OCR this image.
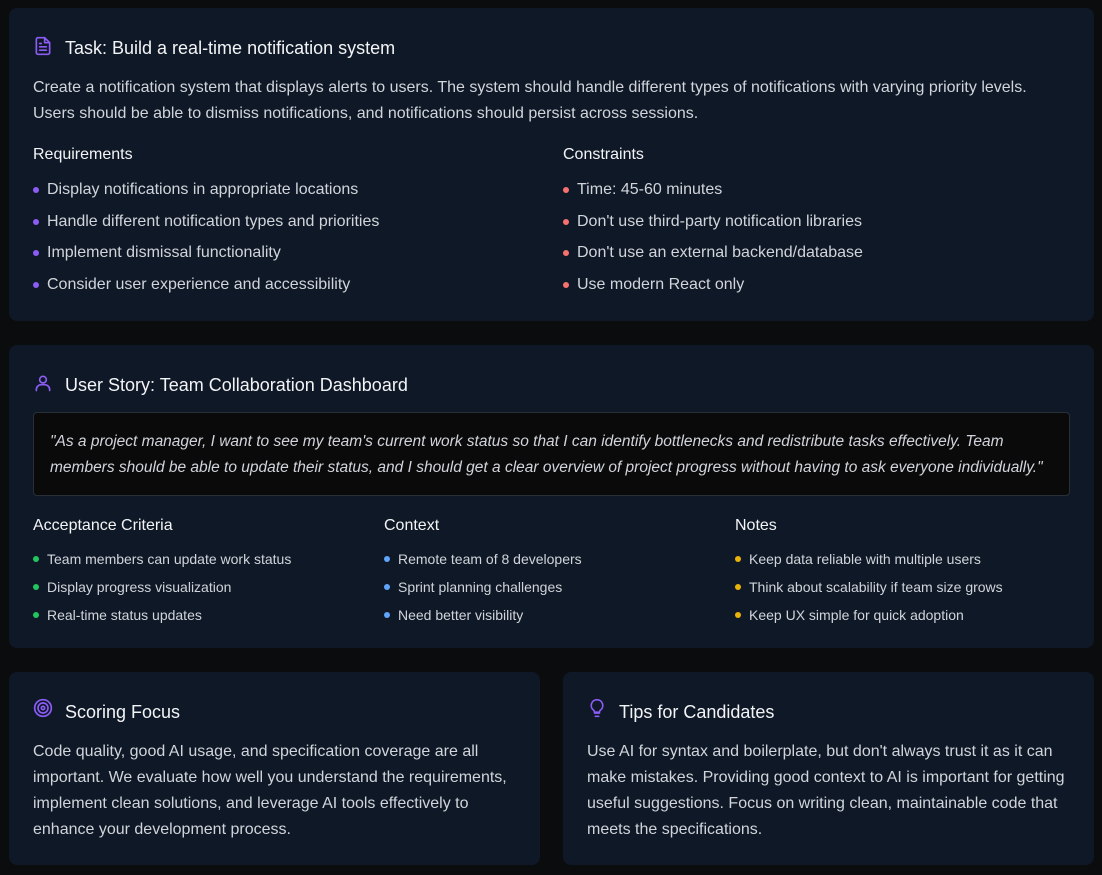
Task: Build a real-time notification system
Create a notification system that displays alerts to users. The system should handle different types of notifications with varying priority levels. Users should be able to dismiss notifications, and notifications should persist across sessions.
Requirements
Display notifications in appropriate locations
Handle different notification types and priorities
Implement dismissal functionality
Consider user experience and accessibility
Constraints
Time: 45-60 minutes
Don't use third-party notification libraries
Don't use an external backend/database
Use modern React only
User Story: Team Collaboration Dashboard
"As a project manager, I want to see my team's current work status so that I can identify bottlenecks and redistribute tasks effectively. Team members should be able to update their status, and I should get a clear overview of project progress without having to ask everyone individually."
Acceptance Criteria
Team members can update work status
Display progress visualization
Real-time status updates
Context
Remote team of 8 developers
Sprint planning challenges
Need better visibility
Notes
Keep data reliable with multiple users
Think about scalability if team size grows
Keep UX simple for quick adoption
Scoring Focus
Code quality, good AI usage, and specification coverage are all important. We evaluate how well you understand the requirements, implement clean solutions, and leverage AI tools effectively to enhance your development process.
Tips for Candidates
Use AI for syntax and boilerplate, but don't always trust it as it can make mistakes. Providing good context to AI is important for getting useful suggestions. Focus on writing clean, maintainable code that meets the specifications.
